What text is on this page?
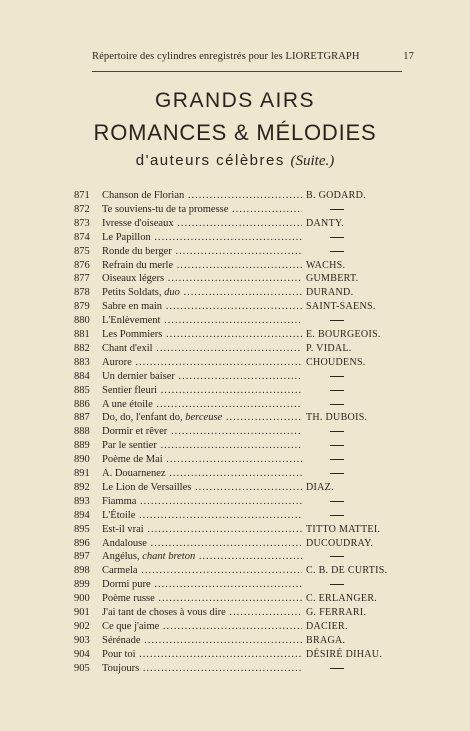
Répertoire des cylindres enregistrés pour les LIORETGRAPH	17
GRANDS AIRS
ROMANCES & MÉLODIES
d'auteurs célèbres (Suite.)
871	Chanson de Florian .....	B. GODARD.
872	Te souviens-tu de ta promesse .....
873	Ivresse d'oiseaux .....	DANTY.
874	Le Papillon .....
875	Ronde du berger .....
876	Refrain du merle .....	WACHS.
877	Oiseaux légers .....	GUMBERT.
878	Petits Soldats, duo .....	DURAND.
879	Sabre en main .....	SAINT-SAENS.
880	L'Enlèvement .....
881	Les Pommiers .....	E. BOURGEOIS.
882	Chant d'exil .....	P. VIDAL.
883	Aurore .....	CHOUDENS.
884	Un dernier baiser .....
885	Sentier fleuri .....
886	A une étoile .....
887	Do, do, l'enfant do, berceuse .....	TH. DUBOIS.
888	Dormir et rêver .....
889	Par le sentier .....
890	Poème de Mai .....
891	A. Douarnenez .....
892	Le Lion de Versailles .....	DIAZ.
893	Fiamma .....
894	L'Étoile .....
895	Est-il vrai .....	TITTO MATTEI.
896	Andalouse .....	DUCOUDRAY.
897	Angélus, chant breton .....
898	Carmela .....	C. B. DE CURTIS.
899	Dormi pure .....
900	Poème russe .....	C. ERLANGER.
901	J'ai tant de choses à vous dire .....	G. FERRARI.
902	Ce que j'aime .....	DACIER.
903	Sérénade .....	BRAGA.
904	Pour toi .....	DÉSIRÉ DIHAU.
905	Toujours .....
